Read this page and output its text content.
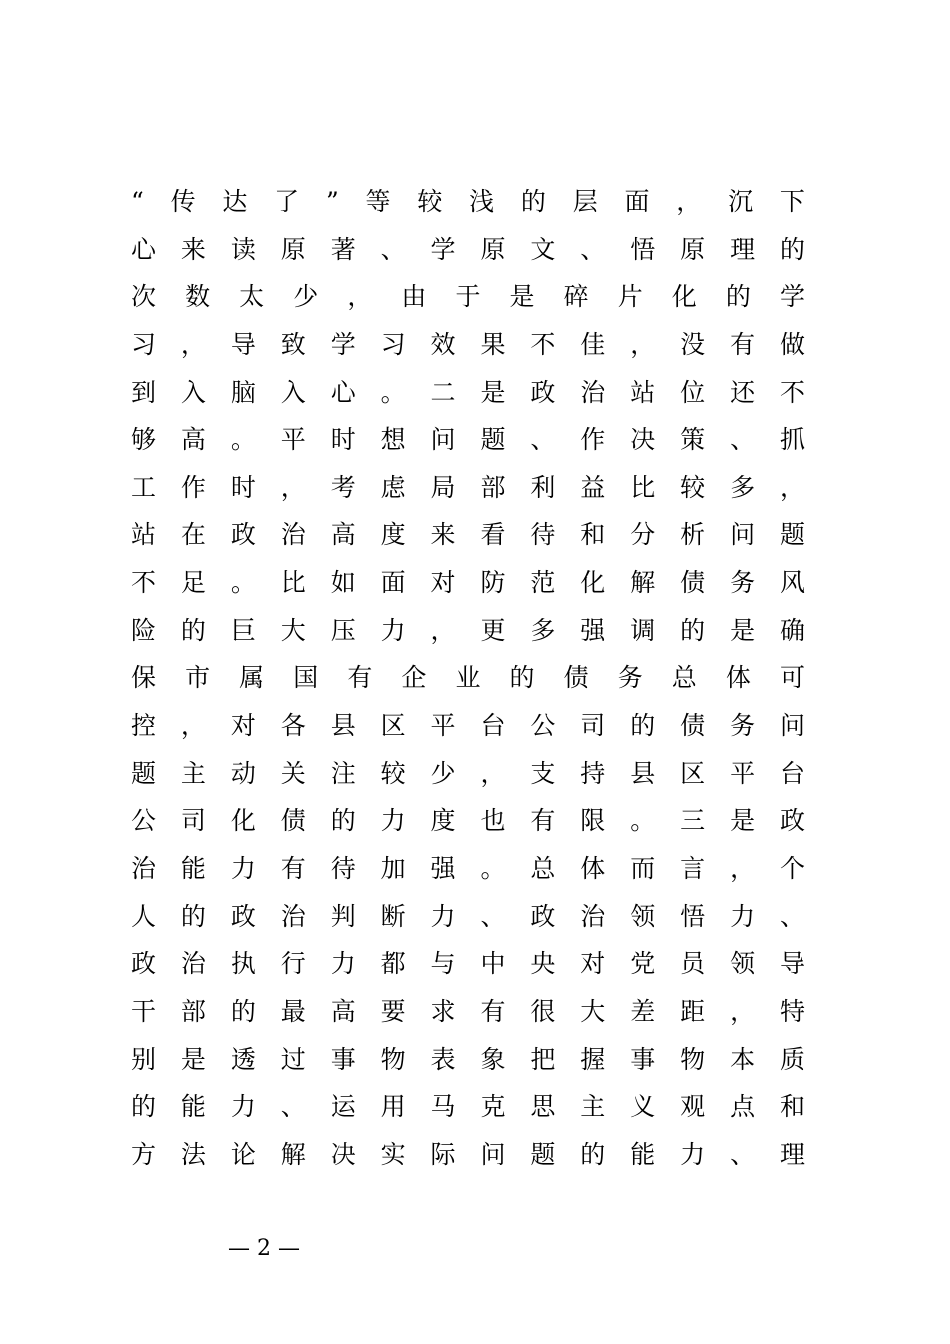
“ 传 达 了 ” 等 较 浅 的 层 面 ， 沉 下
心 来 读 原 著 、 学 原 文 、 悟 原 理 的
次 数 太 少 ， 由 于 是 碎 片 化 的 学
习 ， 导 致 学 习 效 果 不 佳 ， 没 有 做
到 入 脑 入 心 。 二 是 政 治 站 位 还 不
够 高 。 平 时 想 问 题 、 作 决 策 、 抓
工 作 时 ， 考 虑 局 部 利 益 比 较 多 ，
站 在 政 治 高 度 来 看 待 和 分 析 问 题
不 足 。 比 如 面 对 防 范 化 解 债 务 风
险 的 巨 大 压 力 ， 更 多 强 调 的 是 确
保 市 属 国 有 企 业 的 债 务 总 体 可
控 ， 对 各 县 区 平 台 公 司 的 债 务 问
题 主 动 关 注 较 少 ， 支 持 县 区 平 台
公 司 化 债 的 力 度 也 有 限 。 三 是 政
治 能 力 有 待 加 强 。 总 体 而 言 ， 个
人 的 政 治 判 断 力 、 政 治 领 悟 力 、
政 治 执 行 力 都 与 中 央 对 党 员 领 导
干 部 的 最 高 要 求 有 很 大 差 距 ， 特
别 是 透 过 事 物 表 象 把 握 事 物 本 质
的 能 力 、 运 用 马 克 思 主 义 观 点 和
方 法 论 解 决 实 际 问 题 的 能 力 、 理
— 2 —
